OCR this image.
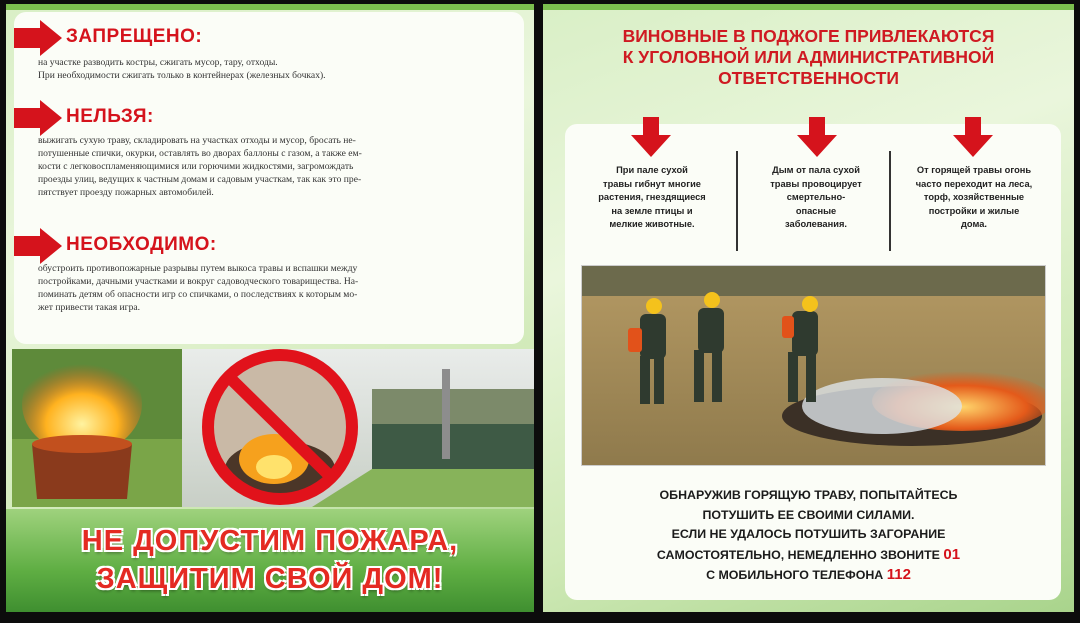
ЗАПРЕЩЕНО:
на участке разводить костры, сжигать мусор, тару, отходы.
При необходимости сжигать только в контейнерах (железных бочках).
НЕЛЬЗЯ:
выжигать сухую траву, складировать на участках отходы и мусор, бросать не-
потушенные спички, окурки, оставлять во дворах баллоны с газом, а также ем-
кости с легковоспламеняющимися или горючими жидкостями, загромождать
проезды улиц, ведущих к частным домам и садовым участкам, так как это пре-
пятствует проезду пожарных автомобилей.
НЕОБХОДИМО:
обустроить противопожарные разрывы путем выкоса травы и вспашки между
постройками, дачными участками и вокруг садоводческого товарищества. На-
поминать детям об опасности игр со спичками, о последствиях к которым мо-
жет привести такая игра.
НЕ ДОПУСТИМ ПОЖАРА,
ЗАЩИТИМ СВОЙ ДОМ!
ВИНОВНЫЕ В ПОДЖОГЕ ПРИВЛЕКАЮТСЯ
К УГОЛОВНОЙ ИЛИ АДМИНИСТРАТИВНОЙ
ОТВЕТСТВЕННОСТИ
При пале сухой
травы гибнут многие
растения, гнездящиеся
на земле птицы и
мелкие животные.
Дым от пала сухой
травы провоцирует
смертельно-
опасные
заболевания.
От горящей травы огонь
часто переходит на леса,
торф, хозяйственные
постройки и жилые
дома.
ОБНАРУЖИВ ГОРЯЩУЮ ТРАВУ, ПОПЫТАЙТЕСЬ
ПОТУШИТЬ ЕЕ СВОИМИ СИЛАМИ.
ЕСЛИ НЕ УДАЛОСЬ ПОТУШИТЬ ЗАГОРАНИЕ
САМОСТОЯТЕЛЬНО, НЕМЕДЛЕННО ЗВОНИТЕ 01
С МОБИЛЬНОГО ТЕЛЕФОНА 112
